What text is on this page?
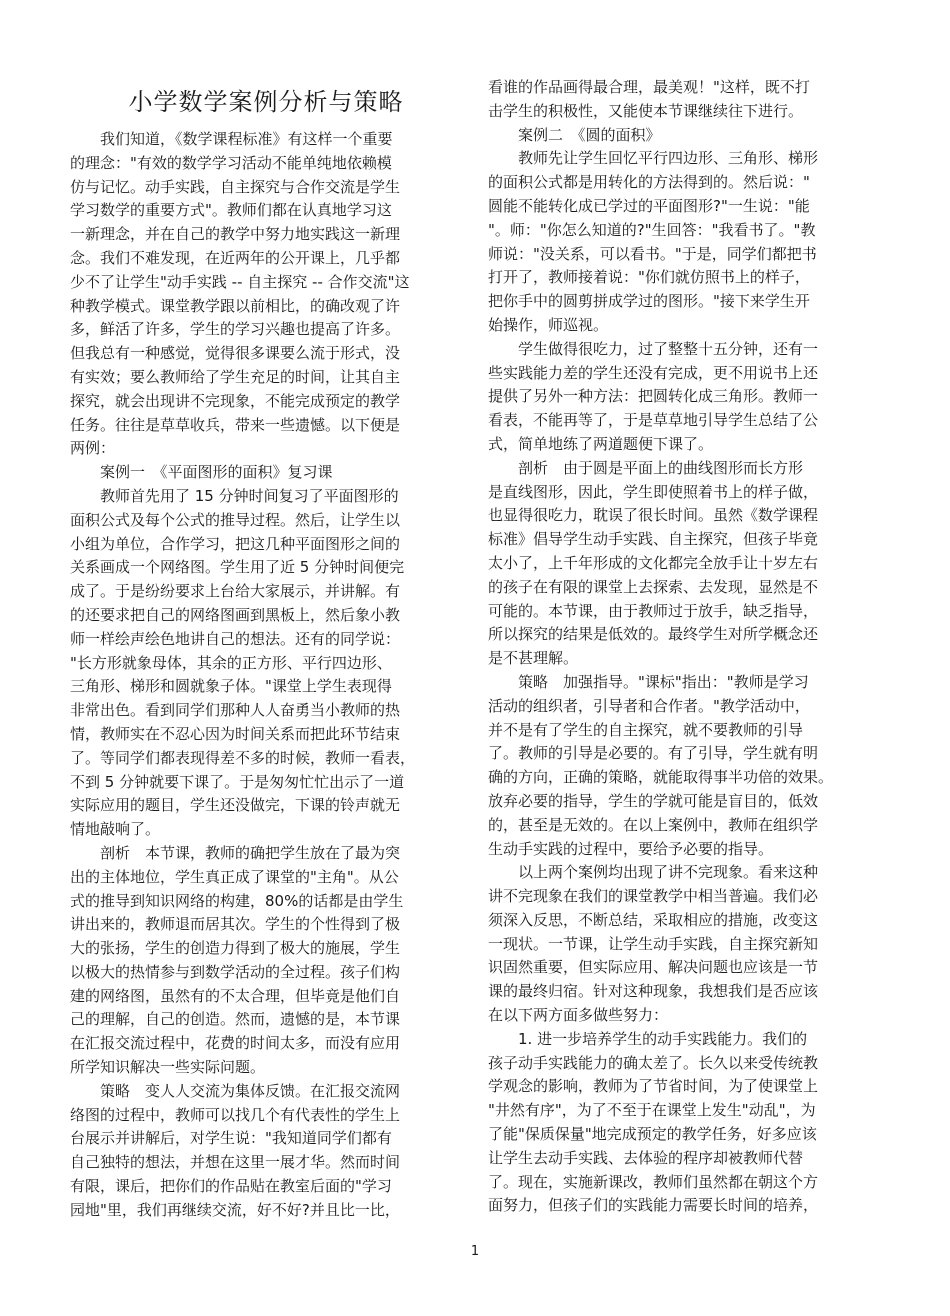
小学数学案例分析与策略
　　我们知道，《数学课程标准》有这样一个重要
的理念："有效的数学学习活动不能单纯地依赖模
仿与记忆。动手实践，自主探究与合作交流是学生
学习数学的重要方式"。教师们都在认真地学习这
一新理念，并在自己的教学中努力地实践这一新理
念。我们不难发现，在近两年的公开课上，几乎都
少不了让学生"动手实践 -- 自主探究 -- 合作交流"这
种教学模式。课堂教学跟以前相比，的确改观了许
多，鲜活了许多，学生的学习兴趣也提高了许多。
但我总有一种感觉，觉得很多课要么流于形式，没
有实效；要么教师给了学生充足的时间，让其自主
探究，就会出现讲不完现象，不能完成预定的教学
任务。往往是草草收兵，带来一些遗憾。以下便是
两例：
　　案例一　《平面图形的面积》复习课
　　教师首先用了 15 分钟时间复习了平面图形的
面积公式及每个公式的推导过程。然后，让学生以
小组为单位，合作学习，把这几种平面图形之间的
关系画成一个网络图。学生用了近 5 分钟时间便完
成了。于是纷纷要求上台给大家展示，并讲解。有
的还要求把自己的网络图画到黑板上，然后象小教
师一样绘声绘色地讲自己的想法。还有的同学说：
"长方形就象母体，其余的正方形、平行四边形、
三角形、梯形和圆就象子体。"课堂上学生表现得
非常出色。看到同学们那种人人奋勇当小教师的热
情，教师实在不忍心因为时间关系而把此环节结束
了。等同学们都表现得差不多的时候，教师一看表，
不到 5 分钟就要下课了。于是匆匆忙忙出示了一道
实际应用的题目，学生还没做完，下课的铃声就无
情地敲响了。
　　剖析　本节课，教师的确把学生放在了最为突
出的主体地位，学生真正成了课堂的"主角"。从公
式的推导到知识网络的构建，80%的话都是由学生
讲出来的，教师退而居其次。学生的个性得到了极
大的张扬，学生的创造力得到了极大的施展，学生
以极大的热情参与到数学活动的全过程。孩子们构
建的网络图，虽然有的不太合理，但毕竟是他们自
己的理解，自己的创造。然而，遗憾的是，本节课
在汇报交流过程中，花费的时间太多，而没有应用
所学知识解决一些实际问题。
　　策略　变人人交流为集体反馈。在汇报交流网
络图的过程中，教师可以找几个有代表性的学生上
台展示并讲解后，对学生说："我知道同学们都有
自己独特的想法，并想在这里一展才华。然而时间
有限，课后，把你们的作品贴在教室后面的"学习
园地"里，我们再继续交流，好不好?并且比一比，
看谁的作品画得最合理，最美观！"这样，既不打
击学生的积极性，又能使本节课继续往下进行。
　　案例二　《圆的面积》
　　教师先让学生回忆平行四边形、三角形、梯形
的面积公式都是用转化的方法得到的。然后说："
圆能不能转化成已学过的平面图形?"一生说："能
"。师："你怎么知道的?"生回答："我看书了。"教
师说："没关系，可以看书。"于是，同学们都把书
打开了，教师接着说："你们就仿照书上的样子，
把你手中的圆剪拼成学过的图形。"接下来学生开
始操作，师巡视。
　　学生做得很吃力，过了整整十五分钟，还有一
些实践能力差的学生还没有完成，更不用说书上还
提供了另外一种方法：把圆转化成三角形。教师一
看表，不能再等了，于是草草地引导学生总结了公
式，简单地练了两道题便下课了。
　　剖析　由于圆是平面上的曲线图形而长方形
是直线图形，因此，学生即使照着书上的样子做，
也显得很吃力，耽误了很长时间。虽然《数学课程
标准》倡导学生动手实践、自主探究，但孩子毕竟
太小了，上千年形成的文化都完全放手让十岁左右
的孩子在有限的课堂上去探索、去发现，显然是不
可能的。本节课，由于教师过于放手，缺乏指导，
所以探究的结果是低效的。最终学生对所学概念还
是不甚理解。
　　策略　加强指导。"课标"指出："教师是学习
活动的组织者，引导者和合作者。"教学活动中，
并不是有了学生的自主探究，就不要教师的引导
了。教师的引导是必要的。有了引导，学生就有明
确的方向，正确的策略，就能取得事半功倍的效果。
放弃必要的指导，学生的学就可能是盲目的，低效
的，甚至是无效的。在以上案例中，教师在组织学
生动手实践的过程中，要给予必要的指导。
　　以上两个案例均出现了讲不完现象。看来这种
讲不完现象在我们的课堂教学中相当普遍。我们必
须深入反思，不断总结，采取相应的措施，改变这
一现状。一节课，让学生动手实践，自主探究新知
识固然重要，但实际应用、解决问题也应该是一节
课的最终归宿。针对这种现象，我想我们是否应该
在以下两方面多做些努力：
　　1. 进一步培养学生的动手实践能力。我们的
孩子动手实践能力的确太差了。长久以来受传统教
学观念的影响，教师为了节省时间，为了使课堂上
"井然有序"，为了不至于在课堂上发生"动乱"，为
了能"保质保量"地完成预定的教学任务，好多应该
让学生去动手实践、去体验的程序却被教师代替
了。现在，实施新课改，教师们虽然都在朝这个方
面努力，但孩子们的实践能力需要长时间的培养，
1
